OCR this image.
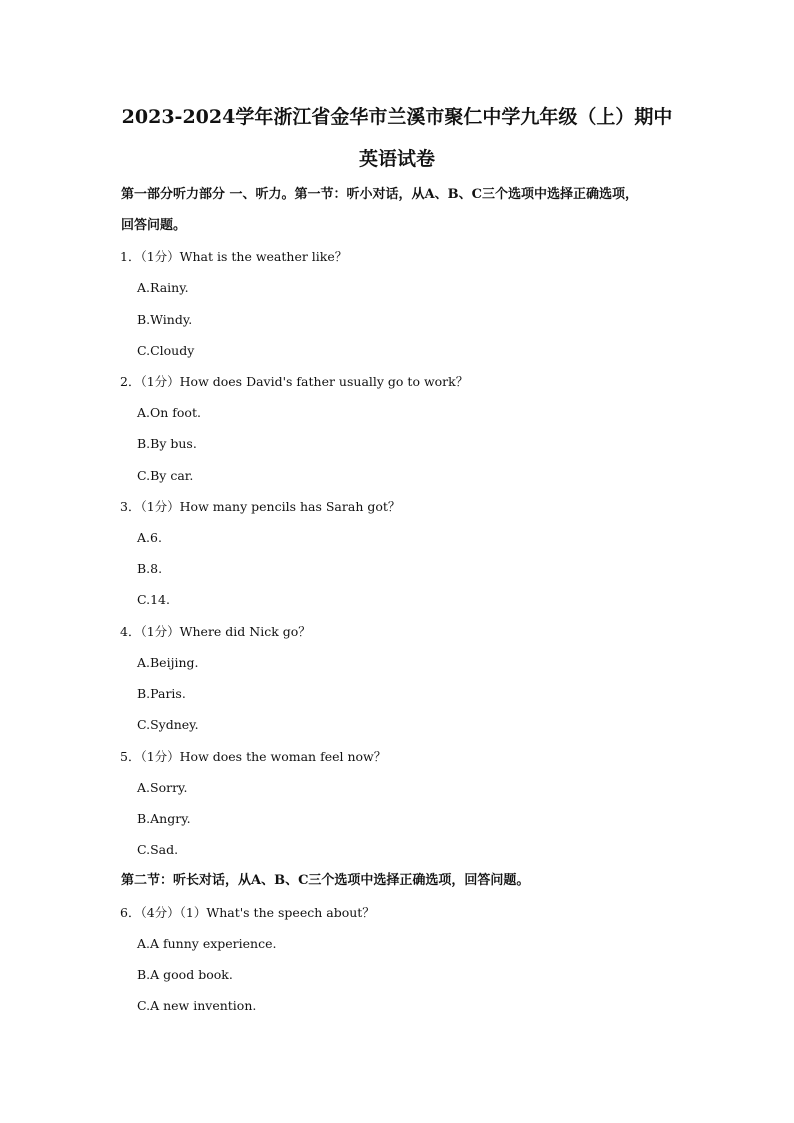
2023-2024学年浙江省金华市兰溪市聚仁中学九年级（上）期中
英语试卷
第一部分听力部分 一、听力。第一节：听小对话，从A、B、C三个选项中选择正确选项，
回答问题。
1．（1分）What is the weather like？
A.Rainy.
B.Windy.
C.Cloudy
2．（1分）How does David's father usually go to work？
A.On foot.
B.By bus.
C.By car.
3．（1分）How many pencils has Sarah got？
A.6.
B.8.
C.14.
4．（1分）Where did Nick go？
A.Beijing.
B.Paris.
C.Sydney.
5．（1分）How does the woman feel now？
A.Sorry.
B.Angry.
C.Sad.
第二节：听长对话，从A、B、C三个选项中选择正确选项，回答问题。
6．（4分）（1）What's the speech about？
A.A funny experience.
B.A good book.
C.A new invention.
